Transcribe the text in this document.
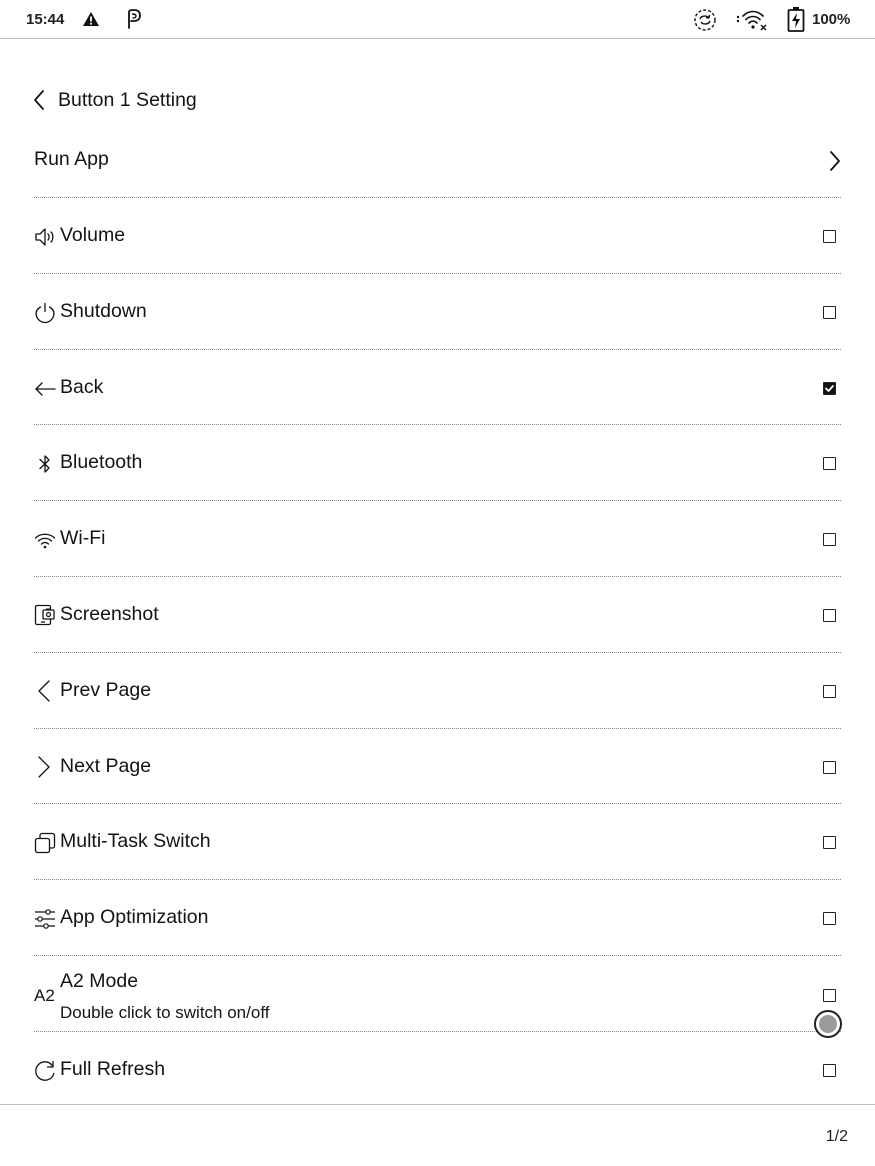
15:44	100%
Button 1 Setting
Run App
Volume
Shutdown
Back
Bluetooth
Wi-Fi
Screenshot
Prev Page
Next Page
Multi-Task Switch
App Optimization
A2
A2 Mode
Double click to switch on/off
Full Refresh
1/2
